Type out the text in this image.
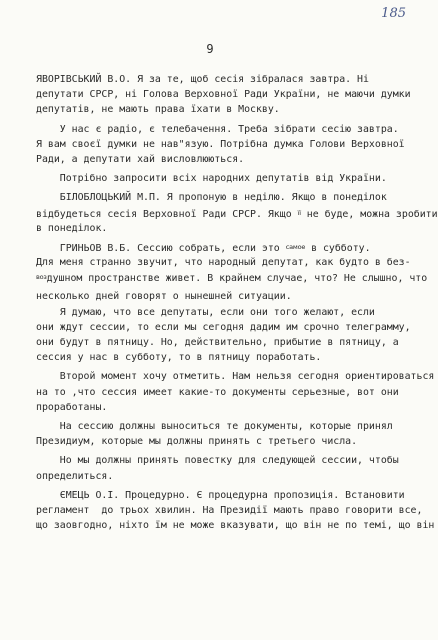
185
9
ЯВОРІВСЬКИЙ В.О. Я за те, щоб сесія зібралася завтра. Ні
депутати СРСР, ні Голова Верховної Ради України, не маючи думки
депутатів, не мають права їхати в Москву.
У нас є радіо, є телебачення. Треба зібрати сесію завтра.
Я вам своєї думки не нав"язую. Потрібна думка Голови Верховної
Ради, а депутати хай висловлюються.
Потрібно запросити всіх народних депутатів від України.
БІЛОБЛОЦЬКИЙ М.П. Я пропоную в неділю. Якщо в понеділок
відбудеться сесія Верховної Ради СРСР. Якщо $^{її}$ не буде, можна зробити
в понеділок.
ГРИНЬОВ В.Б. Сессию собрать, если это $^{самое}$ в субботу.
Для меня странно звучит, что народный депутат, как будто в без-
$^{воз}$душном пространстве живет. В крайнем случае, что? Не слышно, что
несколько дней говорят о нынешней ситуации.
Я думаю, что все депутаты, если они того желают, если
они ждут сессии, то если мы сегодня дадим им срочно телеграмму,
они будут в пятницу. Но, действительно, прибытие в пятницу, а
сессия у нас в субботу, то в пятницу поработать.
Второй момент хочу отметить. Нам нельзя сегодня ориентироваться
на то ,что сессия имеет какие-то документы серьезные, вот они
проработаны.
На сессию должны выноситься те документы, которые принял
Президиум, которые мы должны принять с третьего числа.
Но мы должны принять повестку для следующей сессии, чтобы
определиться.
ЄМЕЦЬ О.І. Процедурно. Є процедурна пропозиція. Встановити
регламент  до трьох хвилин. На Президії мають право говорити все,
що заовгодно, ніхто їм не може вказувати, що він не по темі, що він
